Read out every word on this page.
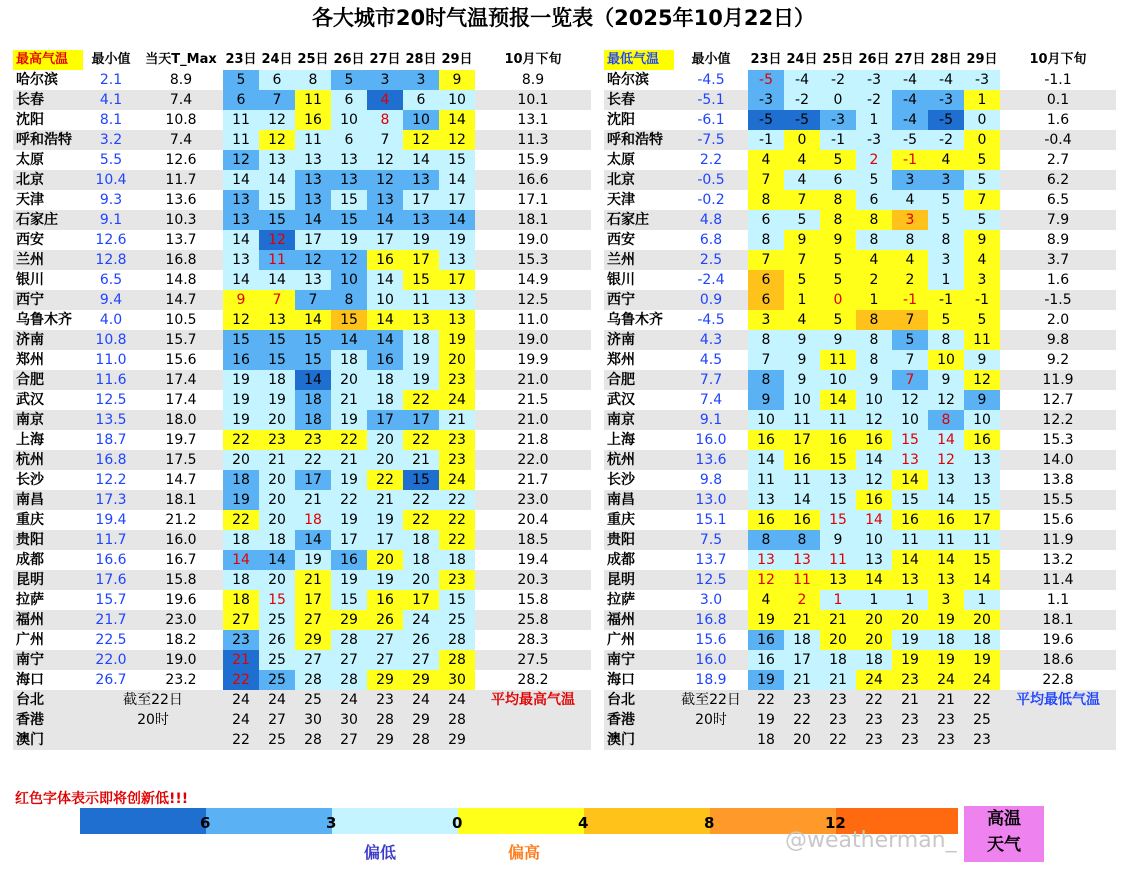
各大城市20时气温预报一览表（2025年10月22日）
最高气温	最小值	当天T_Max	23日	24日	25日	26日	27日	28日	29日	10月下旬
哈尔滨	2.1	8.9	5	6	8	5	3	3	9	8.9
长春	4.1	7.4	6	7	11	6	4	6	10	10.1
沈阳	8.1	10.8	11	12	16	10	8	10	14	13.1
呼和浩特	3.2	7.4	11	12	11	6	7	12	12	11.3
太原	5.5	12.6	12	13	13	13	12	14	15	15.9
北京	10.4	11.7	14	14	13	13	12	13	14	16.6
天津	9.3	13.6	13	15	13	15	13	17	17	17.1
石家庄	9.1	10.3	13	15	14	15	14	13	14	18.1
西安	12.6	13.7	14	12	17	19	17	19	19	19.0
兰州	12.8	16.8	13	11	12	12	16	17	13	15.3
银川	6.5	14.8	14	14	13	10	14	15	17	14.9
西宁	9.4	14.7	9	7	7	8	10	11	13	12.5
乌鲁木齐	4.0	10.5	12	13	14	15	14	13	13	11.0
济南	10.8	15.7	15	15	15	14	14	18	19	19.0
郑州	11.0	15.6	16	15	15	18	16	19	20	19.9
合肥	11.6	17.4	19	18	14	20	18	19	23	21.0
武汉	12.5	17.4	19	19	18	21	18	22	24	21.5
南京	13.5	18.0	19	20	18	19	17	17	21	21.0
上海	18.7	19.7	22	23	23	22	20	22	23	21.8
杭州	16.8	17.5	20	21	22	21	20	21	23	22.0
长沙	12.2	14.7	18	20	17	19	22	15	24	21.7
南昌	17.3	18.1	19	20	21	22	21	22	22	23.0
重庆	19.4	21.2	22	20	18	19	19	22	22	20.4
贵阳	11.7	16.0	18	18	14	17	17	18	22	18.5
成都	16.6	16.7	14	14	19	16	20	18	18	19.4
昆明	17.6	15.8	18	20	21	19	19	20	23	20.3
拉萨	15.7	19.6	18	15	17	15	16	17	15	15.8
福州	21.7	23.0	27	25	27	29	26	24	25	25.8
广州	22.5	18.2	23	26	29	28	27	26	28	28.3
南宁	22.0	19.0	21	25	27	27	27	27	28	27.5
海口	26.7	23.2	22	25	28	28	29	29	30	28.2
台北	截至22日		24	24	25	24	23	24	24	平均最高气温
香港	20时		24	27	30	30	28	29	28	
澳门			22	25	28	27	29	28	29	
最低气温	最小值	23日	24日	25日	26日	27日	28日	29日	10月下旬
哈尔滨	-4.5	-5	-4	-2	-3	-4	-4	-3	-1.1
长春	-5.1	-3	-2	0	-2	-4	-3	1	0.1
沈阳	-6.1	-5	-5	-3	1	-4	-5	0	1.6
呼和浩特	-7.5	-1	0	-1	-3	-5	-2	0	-0.4
太原	2.2	4	4	5	2	-1	4	5	2.7
北京	-0.5	7	4	6	5	3	3	5	6.2
天津	-0.2	8	7	8	6	4	5	7	6.5
石家庄	4.8	6	5	8	8	3	5	5	7.9
西安	6.8	8	9	9	8	8	8	9	8.9
兰州	2.5	7	7	5	4	4	3	4	3.7
银川	-2.4	6	5	5	2	2	1	3	1.6
西宁	0.9	6	1	0	1	-1	-1	-1	-1.5
乌鲁木齐	-4.5	3	4	5	8	7	5	5	2.0
济南	4.3	8	9	9	8	5	8	11	9.8
郑州	4.5	7	9	11	8	7	10	9	9.2
合肥	7.7	8	9	10	9	7	9	12	11.9
武汉	7.4	9	10	14	10	12	12	9	12.7
南京	9.1	10	11	11	12	10	8	10	12.2
上海	16.0	16	17	16	16	15	14	16	15.3
杭州	13.6	14	16	15	14	13	12	13	14.0
长沙	9.8	11	11	13	12	14	13	13	13.8
南昌	13.0	13	14	15	16	15	14	15	15.5
重庆	15.1	16	16	15	14	16	16	17	15.6
贵阳	7.5	8	8	9	10	11	11	11	11.9
成都	13.7	13	13	11	13	14	14	15	13.2
昆明	12.5	12	11	13	14	13	13	14	11.4
拉萨	3.0	4	2	1	1	1	3	1	1.1
福州	16.8	19	21	21	20	20	19	20	18.1
广州	15.6	16	18	20	20	19	18	18	19.6
南宁	16.0	16	17	18	18	19	19	19	18.6
海口	18.9	19	21	21	24	23	24	24	22.8
台北	截至22日	22	23	23	22	21	21	22	平均最低气温
香港	20时	19	22	23	23	23	23	25	
澳门		18	20	22	23	23	23	23	
红色字体表示即将创新低!!!
6	3	0	4	8	12
偏低	偏高
高温
天气
@weatherman_
